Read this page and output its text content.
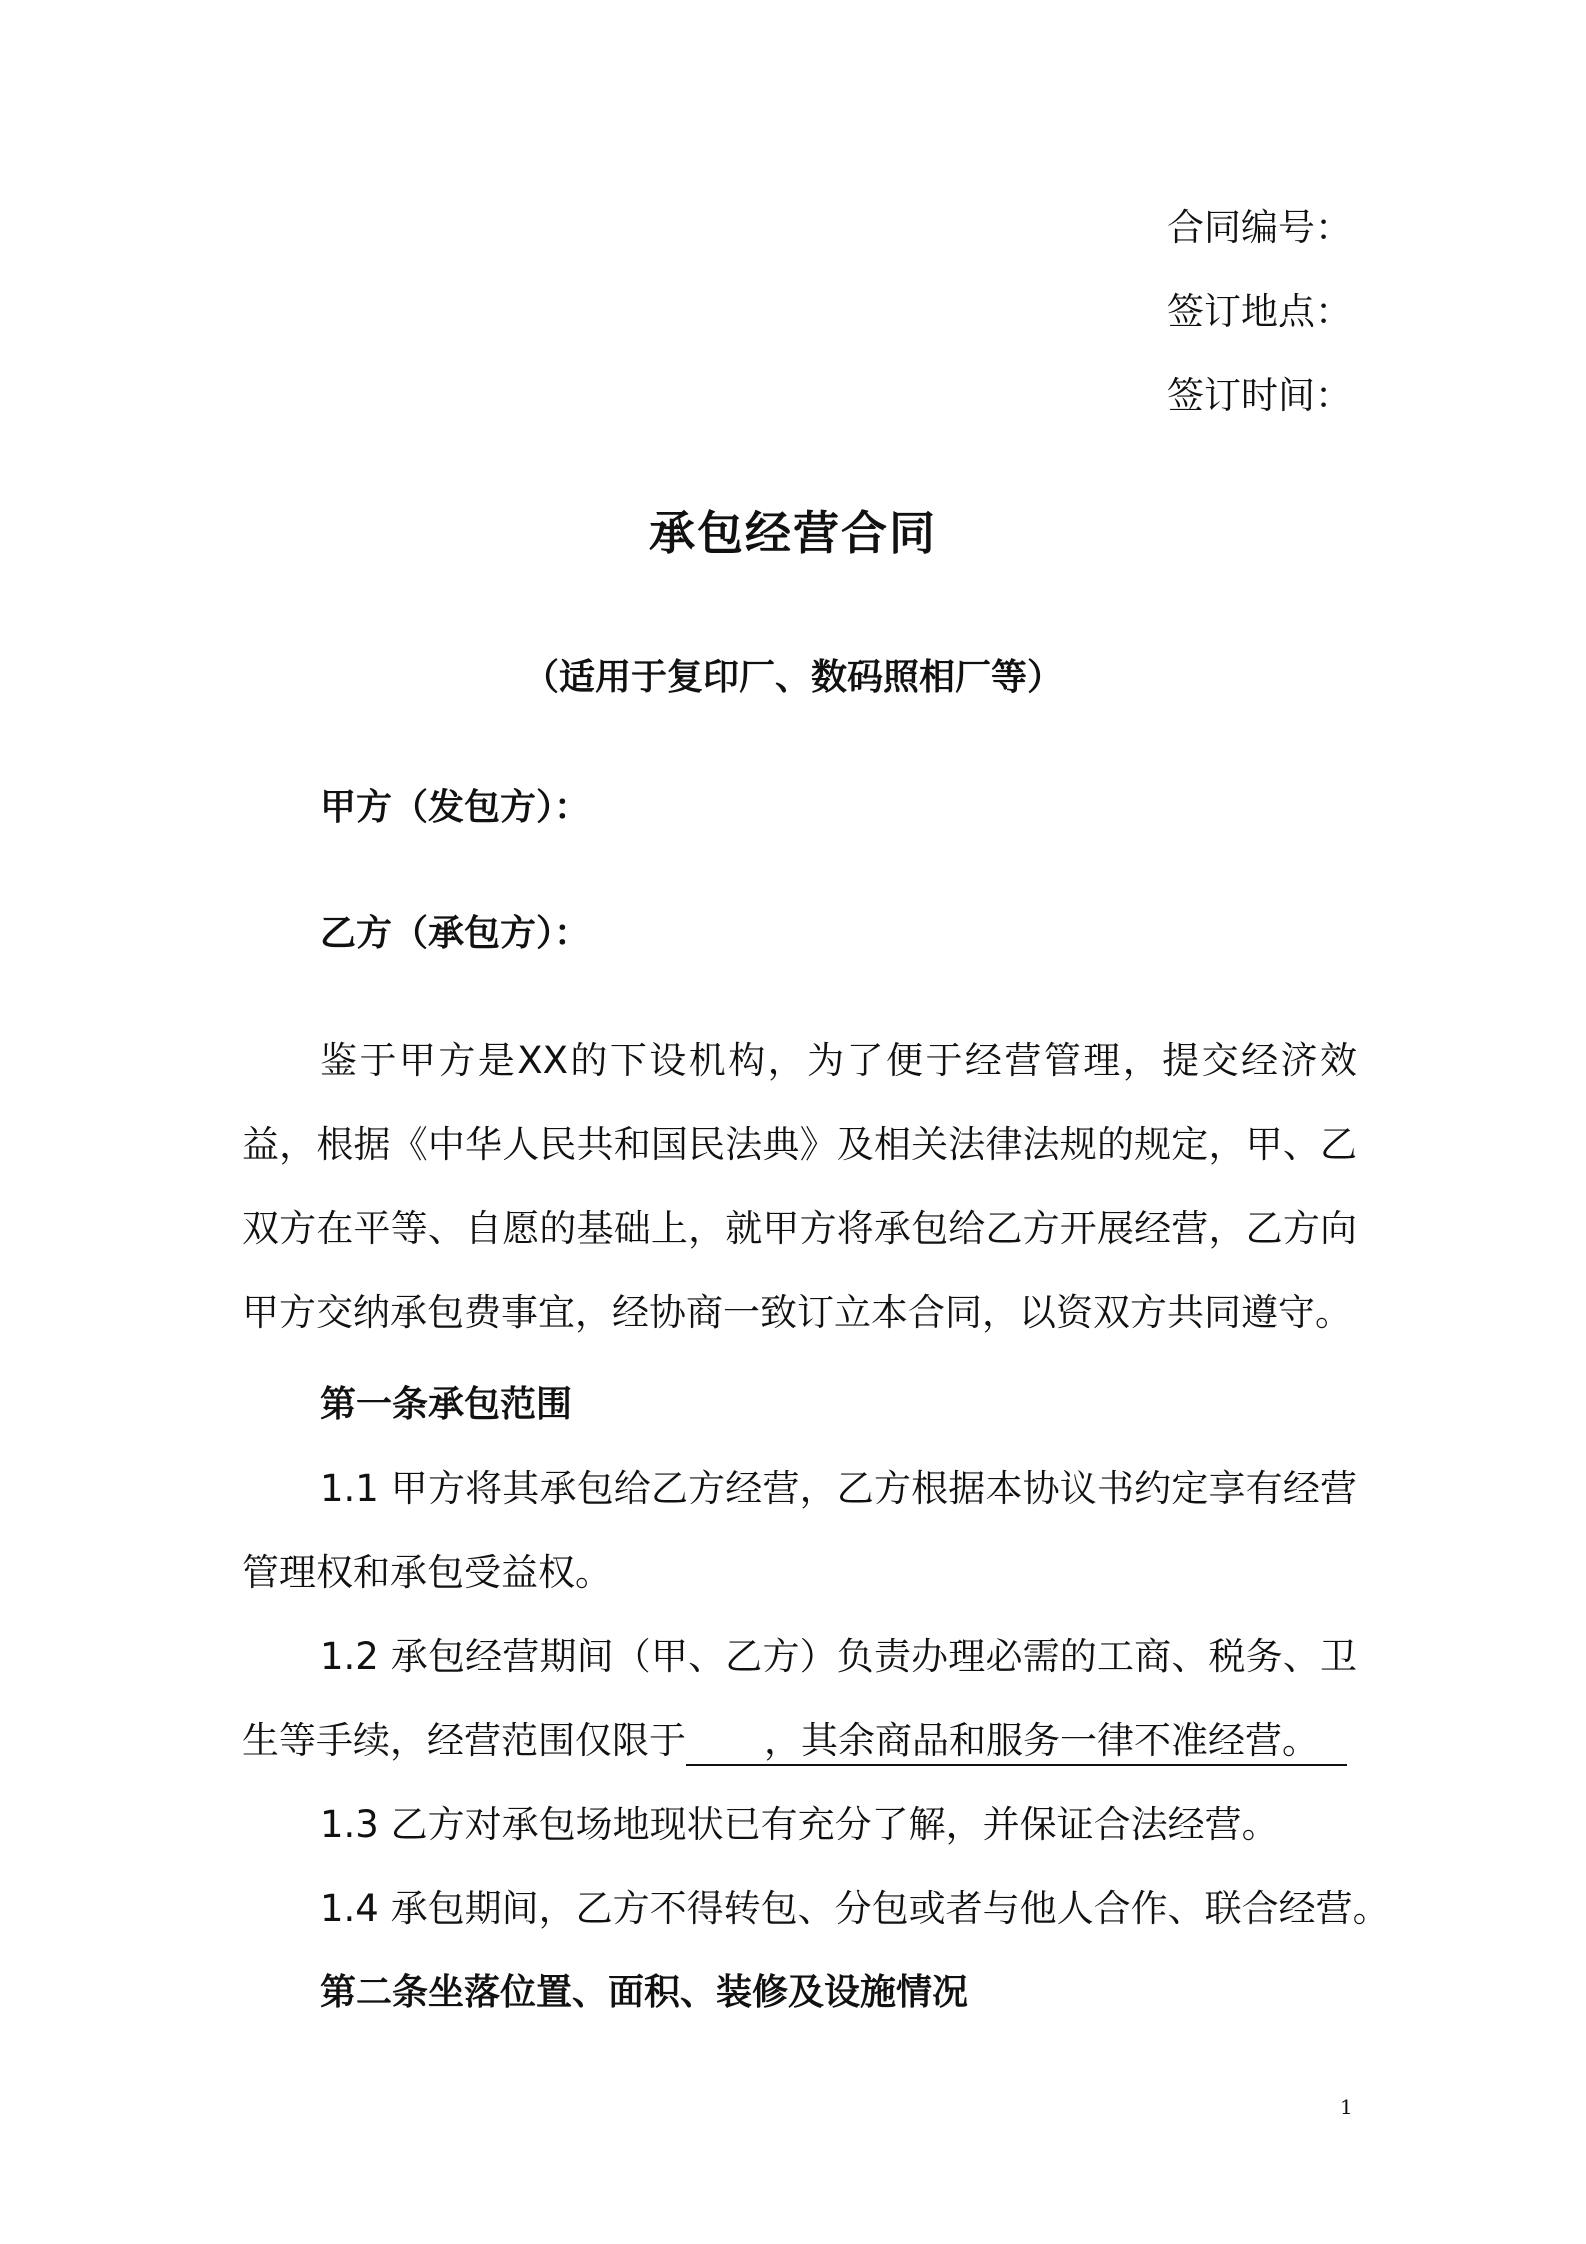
合同编号：
签订地点：
签订时间：
承包经营合同
（适用于复印厂、数码照相厂等）
甲方（发包方）：
乙方（承包方）：

鉴于甲方是XX的下设机构，为了便于经营管理，提交经济效益，根据《中华人民共和国民法典》及相关法律法规的规定，甲、乙双方在平等、自愿的基础上，就甲方将承包给乙方开展经营，乙方向甲方交纳承包费事宜，经协商一致订立本合同，以资双方共同遵守。

第一条承包范围

1.1 甲方将其承包给乙方经营，乙方根据本协议书约定享有经营管理权和承包受益权。

1.2 承包经营期间（甲、乙方）负责办理必需的工商、税务、卫生等手续，经营范围仅限于 ，其余商品和服务一律不准经营。

1.3 乙方对承包场地现状已有充分了解，并保证合法经营。
1.4 承包期间，乙方不得转包、分包或者与他人合作、联合经营。
第二条坐落位置、面积、装修及设施情况
1
